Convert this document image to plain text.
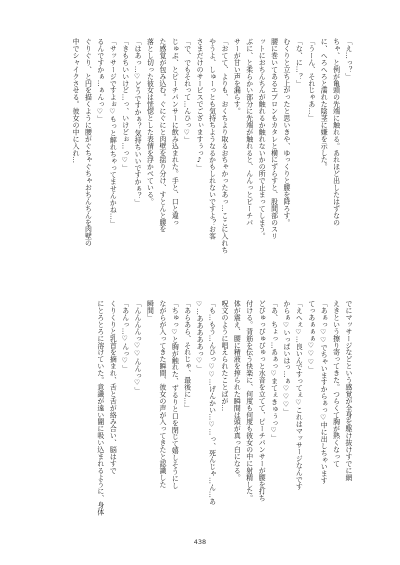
「え…っ？」
ちゃ、と例が亀頭の先端に触れる。あれほど出したはずなの
に、へろへろと濡れた陰茎に嫌を示した。
「うーん、それじゃあ…」
「な、に…？」
むくりと立ち上がったと思いきや、ゆっくりと腰を降ろす。
腰に巻いてあるエプロンもカタレと横にずらすと、股間部のスリ
ットにおちんちんが触れるか触れないかの所で止まってしまう。
ぶに、と柔らかい部分に先端が触れると、んんっとピーチパ
サーが甘い声を漏らす。
「おてて、よりも、おくちより取るおちゃかったあっ…ここに入れち
やうよ、しゅーっとも気持ちようなるかもしれないですよ？お客
さまだけのサービスでござぃますぅっ♪」
「で、でもそれって…んひっ♡」
じゅぷ、とピーチパンサーに飲み込まれた。手と、口と違っ
た感覚が包み込む。ぐにぐにと肉壁を揺り分け、すとんと腰を
落とし切った彼女は恍惚とした表情を浮かべている。
「はあっ…♡どうですかぁ？気持ちいいですかぁ？」
「きもちいいけど…っ、いけどぉ…っ♡」
「サッサージですよぉ♡もっと解れちゃってませんかね…」
るんですかぁ…ぁんっ♡」
ぐりぐり、と円を描くように腰がぐちゃぐちゃおちんちんを肉壁の
中でシャイクさせる。彼女の中に入れ…
でにマッサージなどという感覚が全身を駆け抜けすでに網
えきという擦り寄ってきた。つらくて胸が熱くなって
「あぁっ♡♡でちゃいますからぁっ♡中に出しちゃいます
てっあぁぁぁ♡♡♡」
「えへぇ♡…良いんですってぇ♡これはマッサージなんです
からぁ♡いっぱいはっ…ぁ♡♡♡」
「あ、ちょっ…あぁっ♡まてぇきゅぅっ♡」
どびゅっびゅびゅっと水音を立てて、ピーチパンサーが腰を打ち
付ける。背筋を伝う快楽に、何度も何度も彼女の中に射精した。
体が震え、腰に精液を搾られた瞬間は頭が真っ白になる。
呪文のように唱えられたことばが…
「も…もう…んひっ♡♡…げんかい…♡…っ、死んじゃ…ん…あ
♡…あああああっ♡」
「あらあら、それじゃ、最後に…」
「ちゅっ♡と胸が触れた、ずるりと口を閉じて嬉しそうにし
ながらが入ってきた瞬間、彼女の声が入ってきたと認識した
瞬間」
「んんんんっ♡♡んんっ♡」
「あんっ…♡んっ♡」
くりくりと乳首を摘まれ、舌と舌が絡み合い、脳はすで
にとろとろに溶けていた。意識が遠い闇に吸い込まれるように、身体
438
